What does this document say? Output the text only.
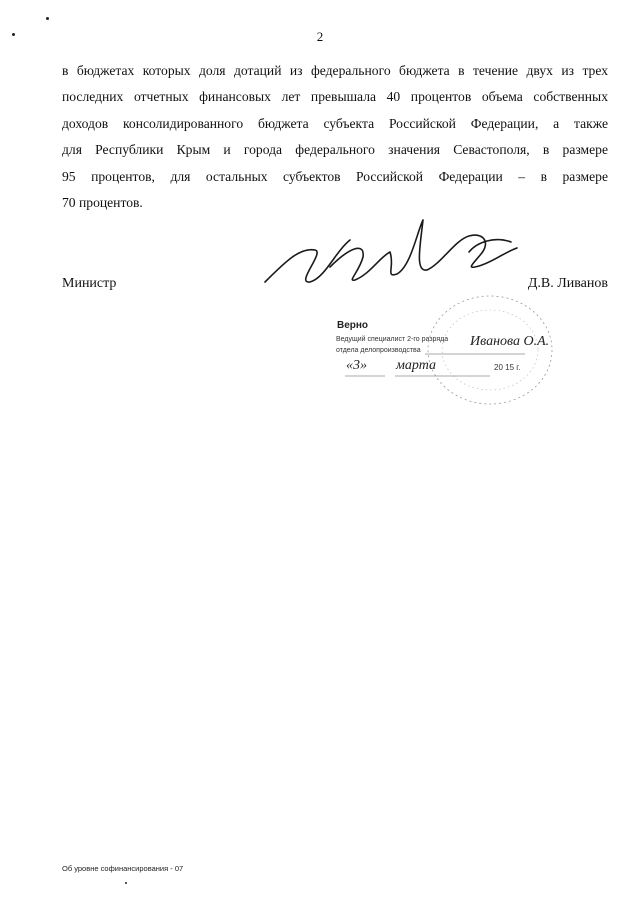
2
в бюджетах которых доля дотаций из федерального бюджета в течение двух из трех
последних отчетных финансовых лет превышала 40 процентов объема собственных
доходов консолидированного бюджета субъекта Российской Федерации, а также
для Республики Крым и города федерального значения Севастополя, в размере
95 процентов, для остальных субъектов Российской Федерации – в размере
70 процентов.
Министр	Д.В. Ливанов
Верно
Ведущий специалист 2-го разряда
отдела делопроизводства
Иванова О.А.
«3» марта	20 15 г.
Об уровне софинансирования - 07
